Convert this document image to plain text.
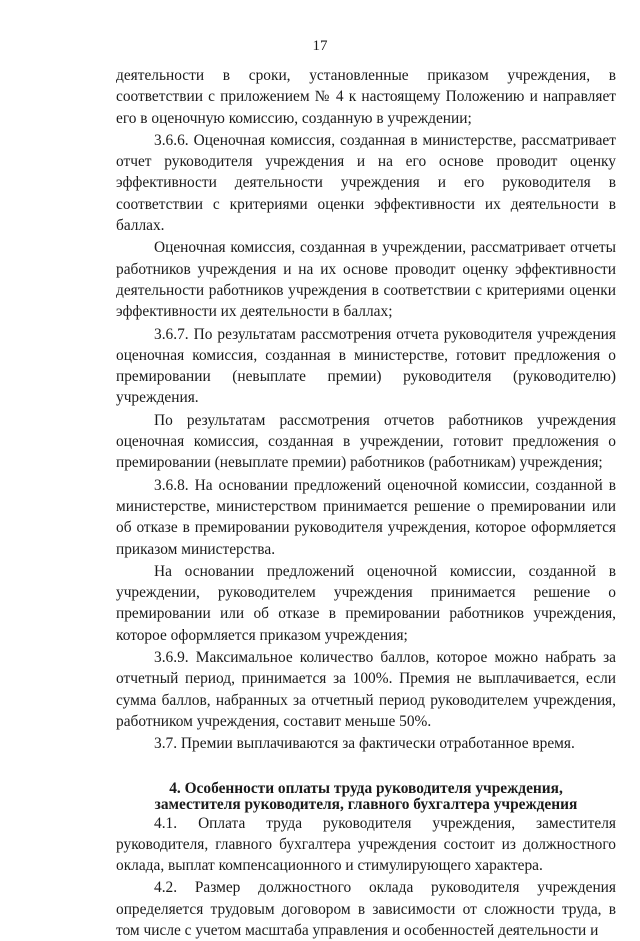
17

деятельности в сроки, установленные приказом учреждения, в соответствии с приложением № 4 к настоящему Положению и направляет его в оценочную комиссию, созданную в учреждении;

3.6.6. Оценочная комиссия, созданная в министерстве, рассматривает отчет руководителя учреждения и на его основе проводит оценку эффективности деятельности учреждения и его руководителя в соответствии с критериями оценки эффективности их деятельности в баллах.

Оценочная комиссия, созданная в учреждении, рассматривает отчеты работников учреждения и на их основе проводит оценку эффективности деятельности работников учреждения в соответствии с критериями оценки эффективности их деятельности в баллах;

3.6.7. По результатам рассмотрения отчета руководителя учреждения оценочная комиссия, созданная в министерстве, готовит предложения о премировании (невыплате премии) руководителя (руководителю) учреждения.

По результатам рассмотрения отчетов работников учреждения оценочная комиссия, созданная в учреждении, готовит предложения о премировании (невыплате премии) работников (работникам) учреждения;

3.6.8. На основании предложений оценочной комиссии, созданной в министерстве, министерством принимается решение о премировании или об отказе в премировании руководителя учреждения, которое оформляется приказом министерства.

На основании предложений оценочной комиссии, созданной в учреждении, руководителем учреждения принимается решение о премировании или об отказе в премировании работников учреждения, которое оформляется приказом учреждения;

3.6.9. Максимальное количество баллов, которое можно набрать за отчетный период, принимается за 100%. Премия не выплачивается, если сумма баллов, набранных за отчетный период руководителем учреждения, работником учреждения, составит меньше 50%.

3.7. Премии выплачиваются за фактически отработанное время.

4. Особенности оплаты труда руководителя учреждения,
заместителя руководителя, главного бухгалтера учреждения

4.1. Оплата труда руководителя учреждения, заместителя руководителя, главного бухгалтера учреждения состоит из должностного оклада, выплат компенсационного и стимулирующего характера.

4.2. Размер должностного оклада руководителя учреждения определяется трудовым договором в зависимости от сложности труда, в том числе с учетом масштаба управления и особенностей деятельности и
